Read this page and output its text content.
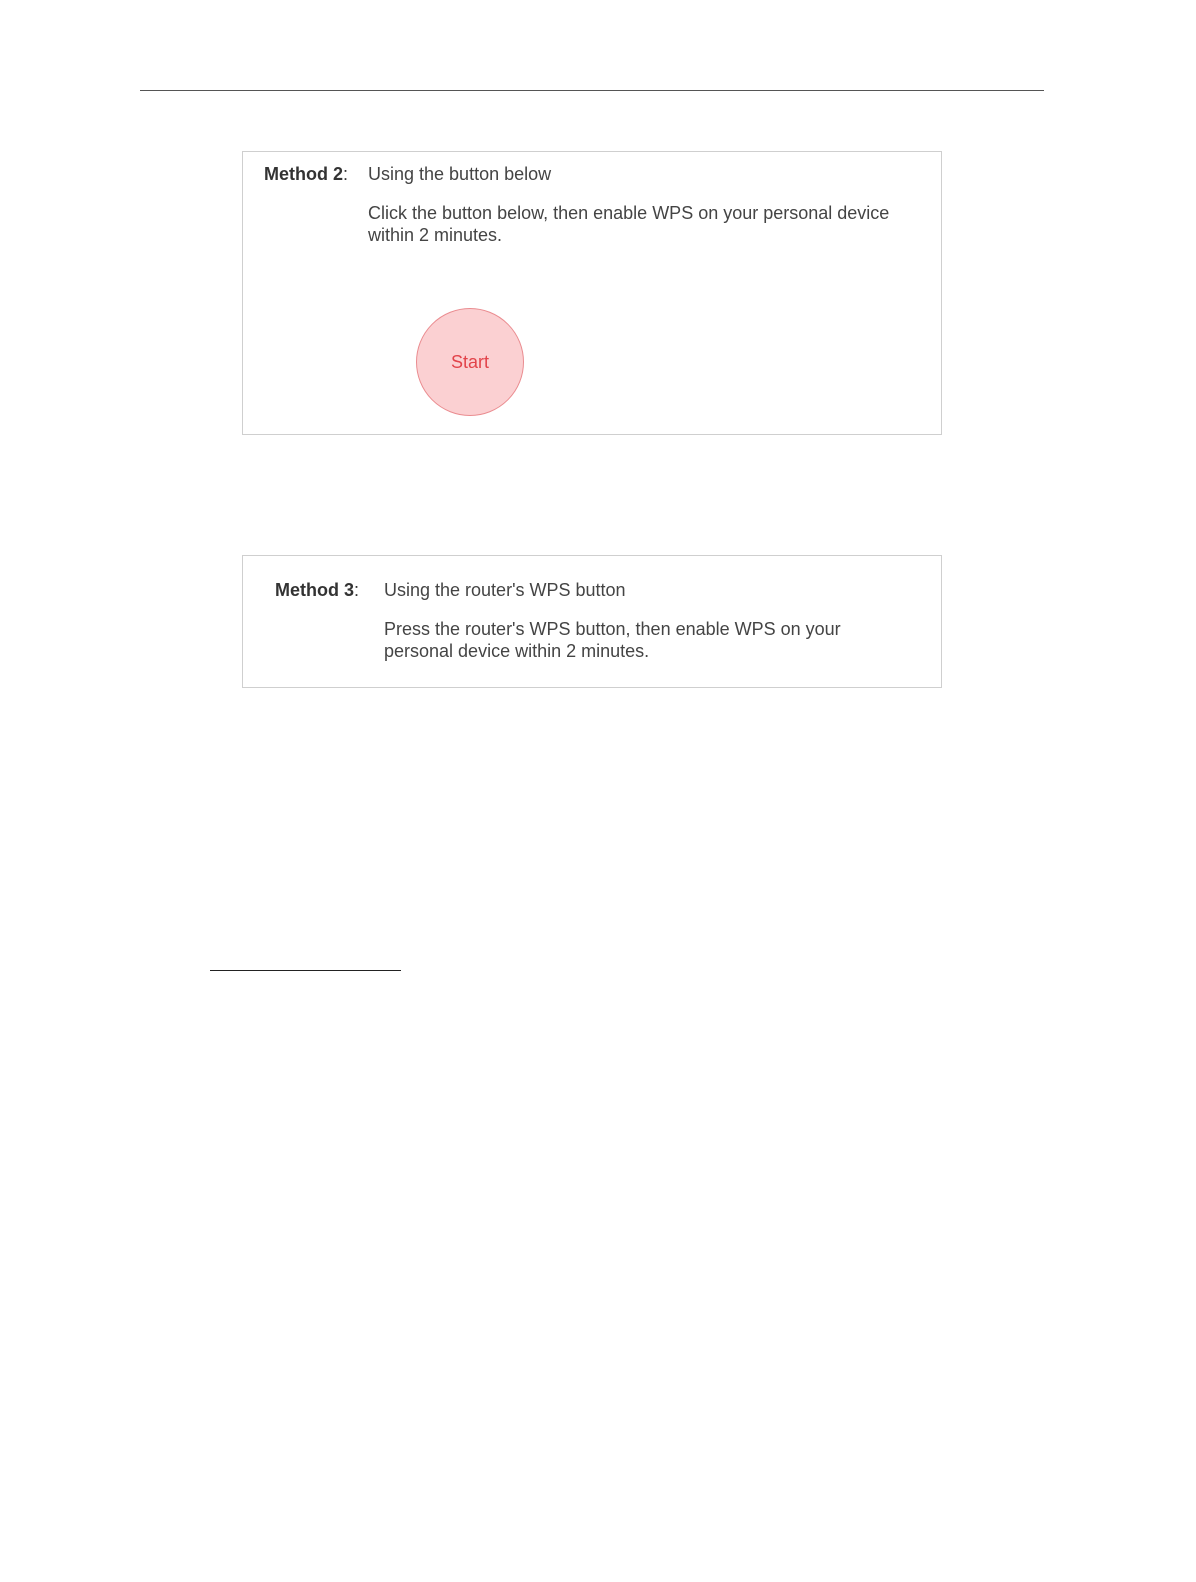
Method 2: Using the button below
Click the button below, then enable WPS on your personal device within 2 minutes.
Start
Method 3: Using the router's WPS button
Press the router's WPS button, then enable WPS on your personal device within 2 minutes.
